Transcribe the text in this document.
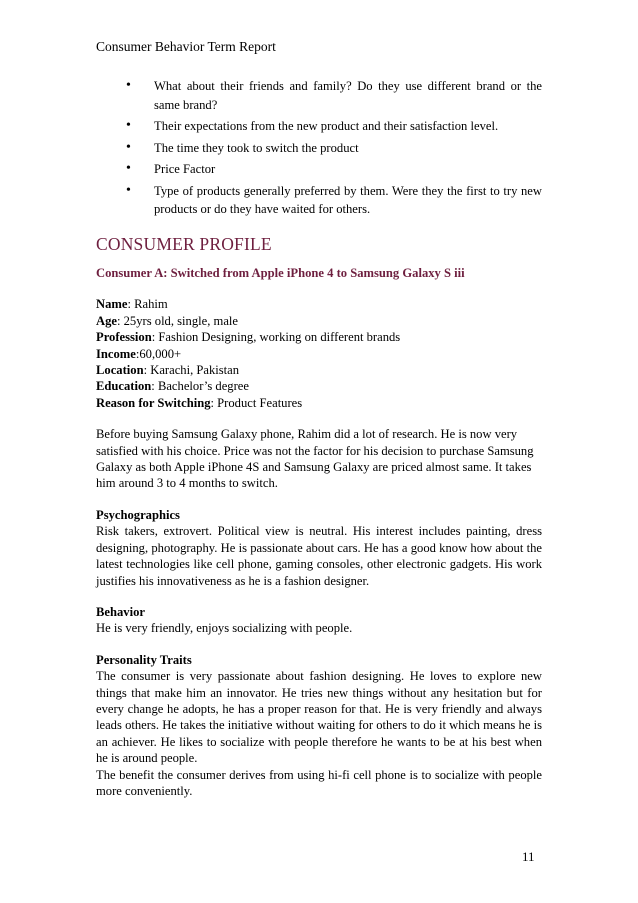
Consumer Behavior Term Report
• What about their friends and family? Do they use different brand or the same brand?
• Their expectations from the new product and their satisfaction level.
• The time they took to switch the product
• Price Factor
• Type of products generally preferred by them. Were they the first to try new products or do they have waited for others.
CONSUMER PROFILE
Consumer A: Switched from Apple iPhone 4 to Samsung Galaxy S iii
Name: Rahim
Age: 25yrs old, single, male
Profession: Fashion Designing, working on different brands
Income:60,000+
Location: Karachi, Pakistan
Education: Bachelor’s degree
Reason for Switching: Product Features

Before buying Samsung Galaxy phone, Rahim did a lot of research. He is now very satisfied with his choice. Price was not the factor for his decision to purchase Samsung Galaxy as both Apple iPhone 4S and Samsung Galaxy are priced almost same. It takes him around 3 to 4 months to switch.

Psychographics

Risk takers, extrovert. Political view is neutral. His interest includes painting, dress designing, photography. He is passionate about cars. He has a good know how about the latest technologies like cell phone, gaming consoles, other electronic gadgets. His work justifies his innovativeness as he is a fashion designer.

Behavior

He is very friendly, enjoys socializing with people.

Personality Traits

The consumer is very passionate about fashion designing. He loves to explore new things that make him an innovator. He tries new things without any hesitation but for every change he adopts, he has a proper reason for that. He is very friendly and always leads others. He takes the initiative without waiting for others to do it which means he is an achiever. He likes to socialize with people therefore he wants to be at his best when he is around people.

The benefit the consumer derives from using hi-fi cell phone is to socialize with people more conveniently.

11
